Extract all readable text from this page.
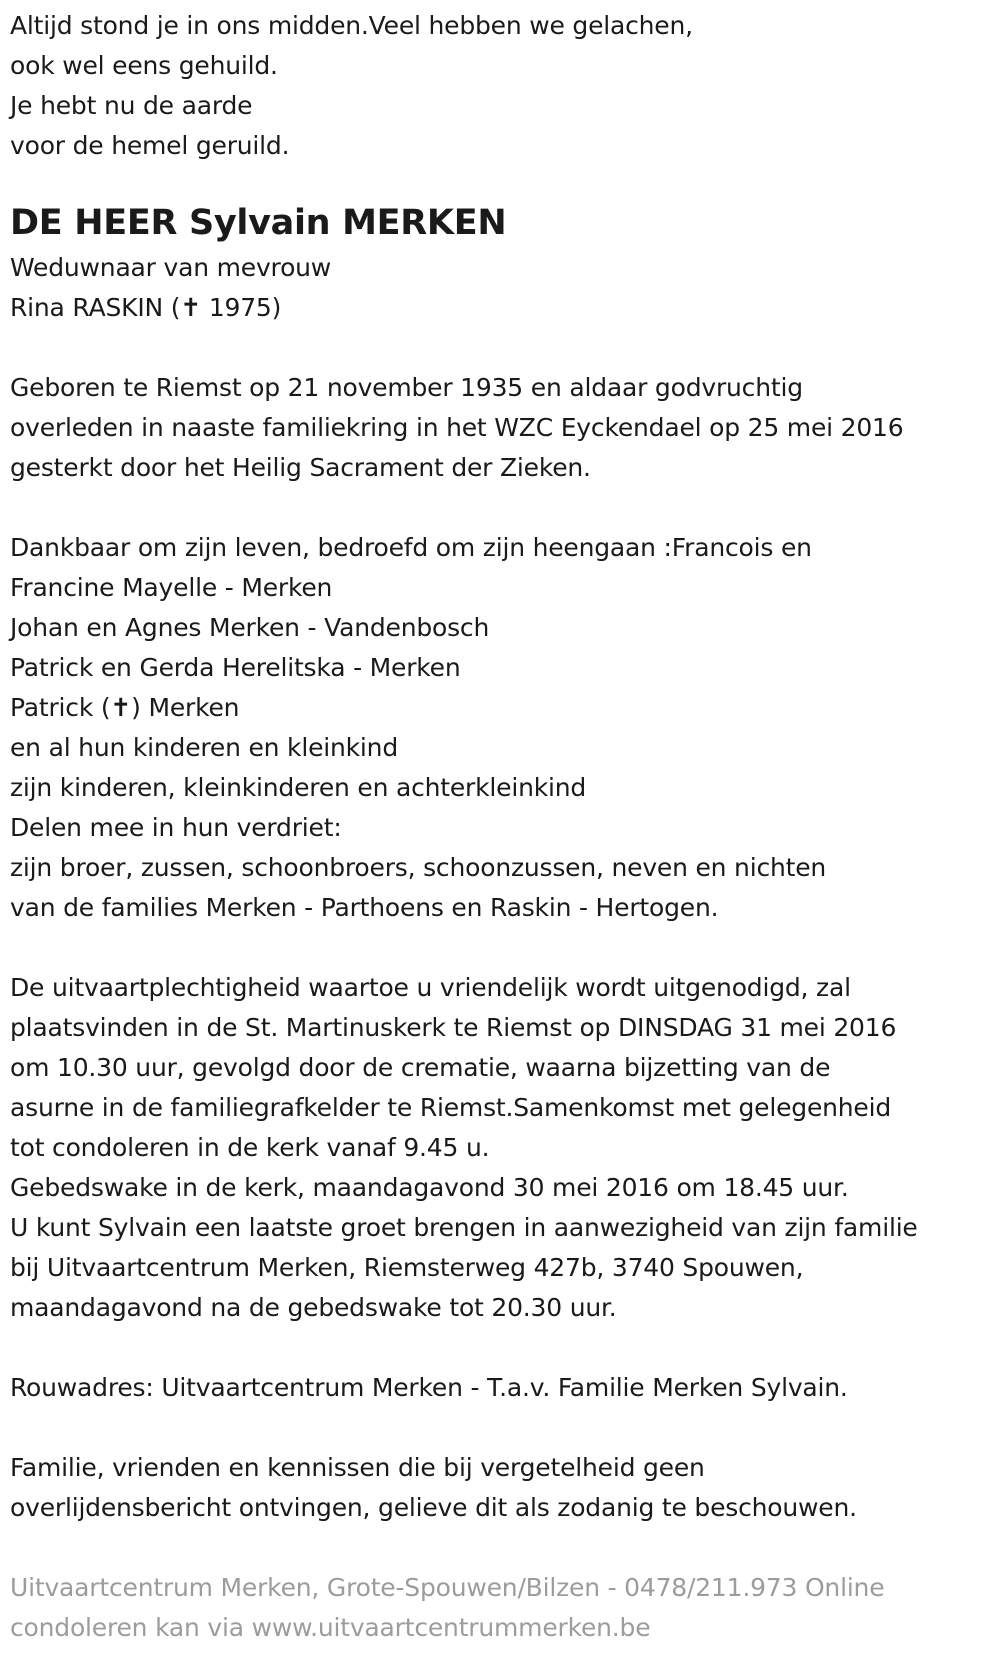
Altijd stond je in ons midden.Veel hebben we gelachen,
ook wel eens gehuild.
Je hebt nu de aarde
voor de hemel geruild.
DE HEER Sylvain MERKEN
Weduwnaar van mevrouw
Rina RASKIN (✝ 1975)
Geboren te Riemst op 21 november 1935 en aldaar godvruchtig
overleden in naaste familiekring in het WZC Eyckendael op 25 mei 2016
gesterkt door het Heilig Sacrament der Zieken.
Dankbaar om zijn leven, bedroefd om zijn heengaan :Francois en
Francine Mayelle - Merken
Johan en Agnes Merken - Vandenbosch
Patrick en Gerda Herelitska - Merken
Patrick (✝) Merken
en al hun kinderen en kleinkind
zijn kinderen, kleinkinderen en achterkleinkind
Delen mee in hun verdriet:
zijn broer, zussen, schoonbroers, schoonzussen, neven en nichten
van de families Merken - Parthoens en Raskin - Hertogen.
De uitvaartplechtigheid waartoe u vriendelijk wordt uitgenodigd, zal
plaatsvinden in de St. Martinuskerk te Riemst op DINSDAG 31 mei 2016
om 10.30 uur, gevolgd door de crematie, waarna bijzetting van de
asurne in de familiegrafkelder te Riemst.Samenkomst met gelegenheid
tot condoleren in de kerk vanaf 9.45 u.
Gebedswake in de kerk, maandagavond 30 mei 2016 om 18.45 uur.
U kunt Sylvain een laatste groet brengen in aanwezigheid van zijn familie
bij Uitvaartcentrum Merken, Riemsterweg 427b, 3740 Spouwen,
maandagavond na de gebedswake tot 20.30 uur.
Rouwadres: Uitvaartcentrum Merken - T.a.v. Familie Merken Sylvain.
Familie, vrienden en kennissen die bij vergetelheid geen
overlijdensbericht ontvingen, gelieve dit als zodanig te beschouwen.
Uitvaartcentrum Merken, Grote-Spouwen/Bilzen - 0478/211.973 Online
condoleren kan via www.uitvaartcentrummerken.be
